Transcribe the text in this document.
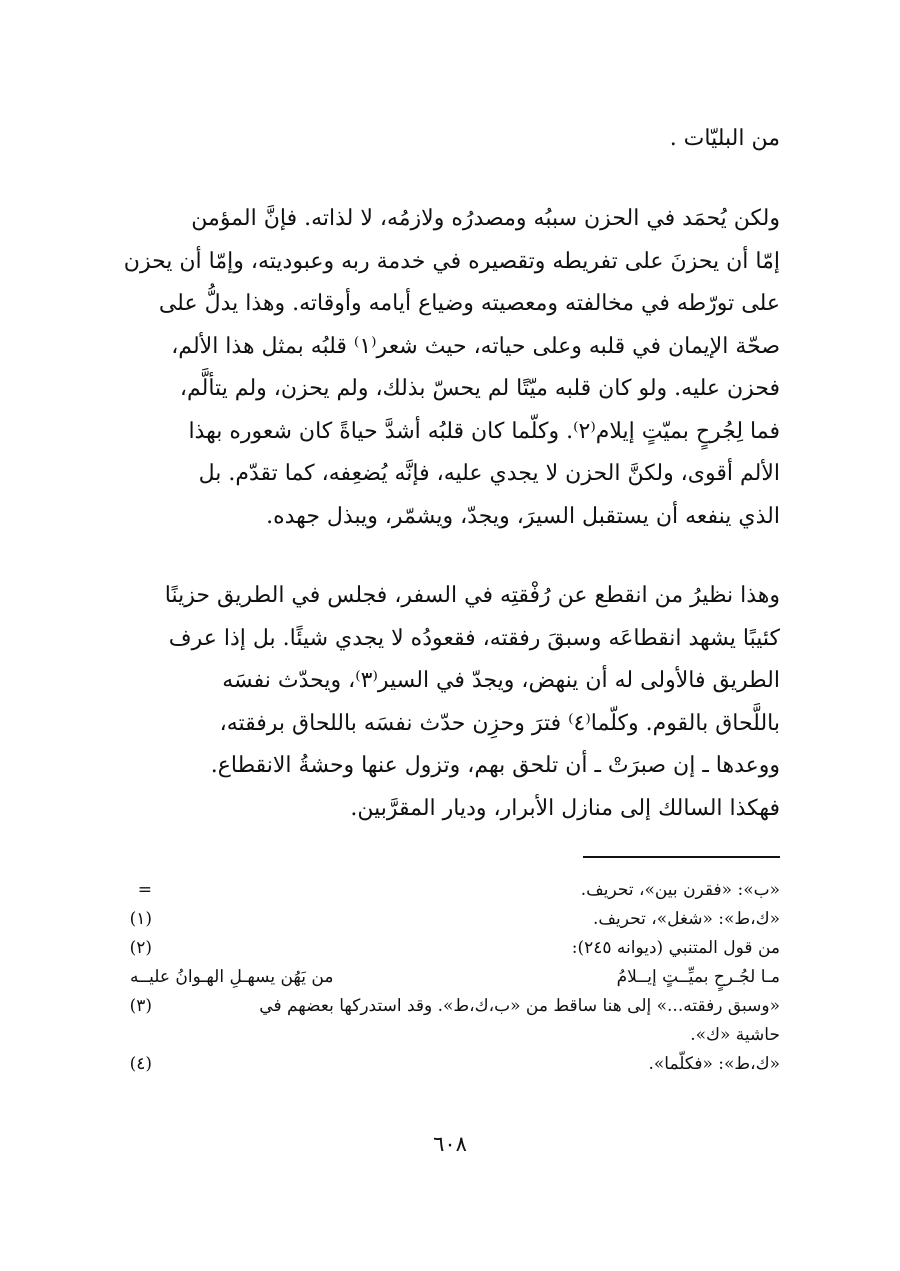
من البليّات .
ولكن يُحمَد في الحزن سببُه ومصدرُه ولازمُه، لا لذاته. فإنَّ المؤمن
إمّا أن يحزنَ على تفريطه وتقصيره في خدمة ربه وعبوديته، وإمّا أن يحزن
على تورّطه في مخالفته ومعصيته وضياع أيامه وأوقاته. وهذا يدلُّ على
صحّة الإيمان في قلبه وعلى حياته، حيث شعر⁽١⁾ قلبُه بمثل هذا الألم،
فحزن عليه. ولو كان قلبه ميّتًا لم يحسّ بذلك، ولم يحزن، ولم يتألَّم،
فما لِجُرحٍ بميّتٍ إيلام⁽٢⁾. وكلّما كان قلبُه أشدَّ حياةً كان شعوره بهذا
الألم أقوى، ولكنَّ الحزن لا يجدي عليه، فإنَّه يُضعِفه، كما تقدّم. بل
الذي ينفعه أن يستقبل السيرَ، ويجدّ، ويشمّر، ويبذل جهده.
وهذا نظيرُ من انقطع عن رُفْقتِه في السفر، فجلس في الطريق حزينًا
كئيبًا يشهد انقطاعَه وسبقَ رفقته، فقعودُه لا يجدي شيئًا. بل إذا عرف
الطريق فالأولى له أن ينهض، ويجدّ في السير⁽٣⁾، ويحدّث نفسَه
باللَّحاق بالقوم. وكلّما⁽٤⁾ فترَ وحزِن حدّث نفسَه باللحاق برفقته،
ووعدها ـ إن صبرَتْ ـ أن تلحق بهم، وتزول عنها وحشةُ الانقطاع.
فهكذا السالك إلى منازل الأبرار، وديار المقرَّبين.
=	«ب»: «فقرن بين»، تحريف.
(١)	«ك،ط»: «شغل»، تحريف.
(٢)	من قول المتنبي (ديوانه ٢٤٥):
من يَهُن يسهـلِ الهـوانُ عليــه	مـا لجُـرحٍ بميِّــتٍ إيــلامُ
(٣)	«وسبق رفقته...» إلى هنا ساقط من «ب،ك،ط». وقد استدركها بعضهم في
حاشية «ك».
(٤)	«ك،ط»: «فكلّما».
٦٠٨
